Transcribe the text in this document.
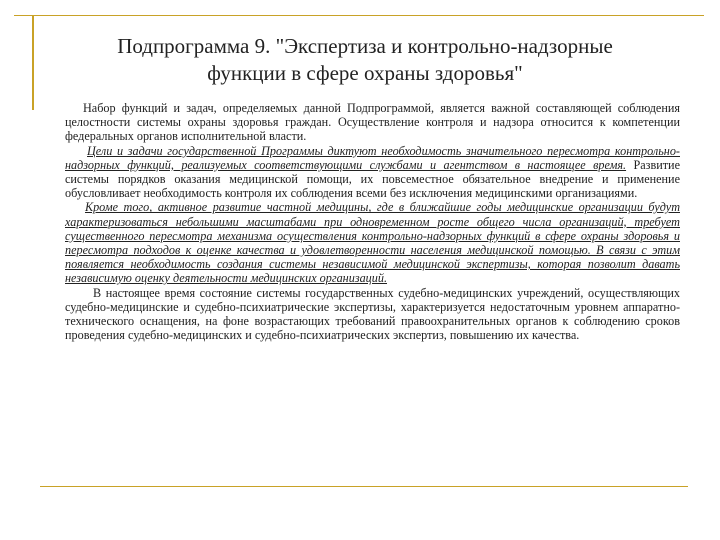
Подпрограмма 9. "Экспертиза и контрольно-надзорные
функции в сфере охраны здоровья"

Набор функций и задач, определяемых данной Подпрограммой, является важной составляющей соблюдения целостности системы охраны здоровья граждан. Осуществление контроля и надзора относится к компетенции федеральных органов исполнительной власти.

Цели и задачи государственной Программы диктуют необходимость значительного пересмотра контрольно-надзорных функций, реализуемых соответствующими службами и агентством в настоящее время. Развитие системы порядков оказания медицинской помощи, их повсеместное обязательное внедрение и применение обусловливает необходимость контроля их соблюдения всеми без исключения медицинскими организациями.

Кроме того, активное развитие частной медицины, где в ближайшие годы медицинские организации будут характеризоваться небольшими масштабами при одновременном росте общего числа организаций, требует существенного пересмотра механизма осуществления контрольно-надзорных функций в сфере охраны здоровья и пересмотра подходов к оценке качества и удовлетворенности населения медицинской помощью. В связи с этим появляется необходимость создания системы независимой медицинской экспертизы, которая позволит давать независимую оценку деятельности медицинских организаций.

В настоящее время состояние системы государственных судебно-медицинских учреждений, осуществляющих судебно-медицинские и судебно-психиатрические экспертизы, характеризуется недостаточным уровнем аппаратно-технического оснащения, на фоне возрастающих требований правоохранительных органов к соблюдению сроков проведения судебно-медицинских и судебно-психиатрических экспертиз, повышению их качества.
